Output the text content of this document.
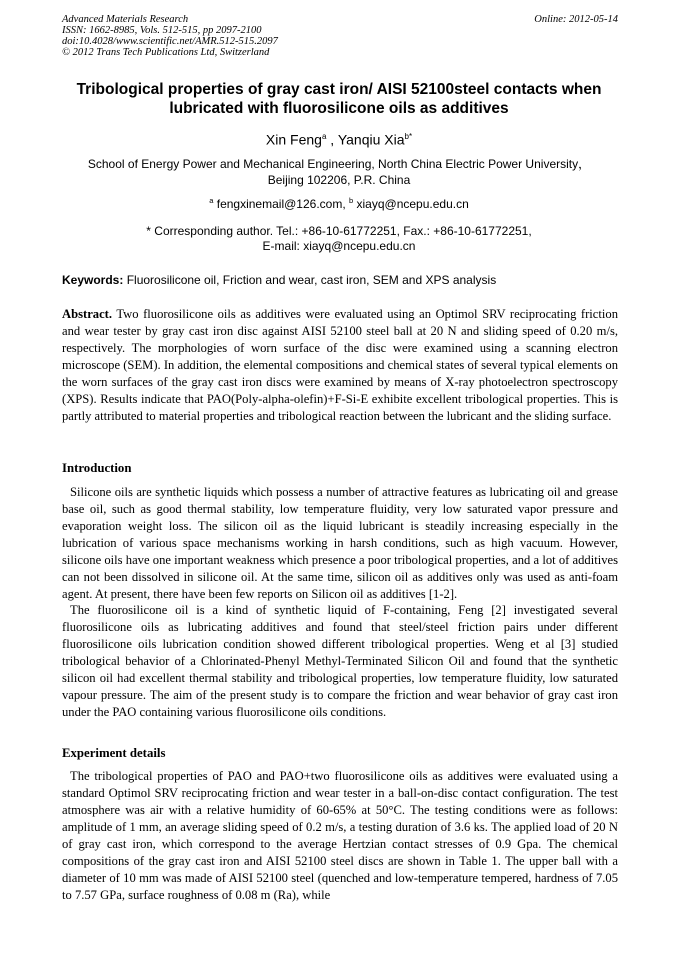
Advanced Materials Research
ISSN: 1662-8985, Vols. 512-515, pp 2097-2100
doi:10.4028/www.scientific.net/AMR.512-515.2097
© 2012 Trans Tech Publications Ltd, Switzerland
Online: 2012-05-14
Tribological properties of gray cast iron/ AISI 52100steel contacts when lubricated with fluorosilicone oils as additives
Xin Feng$^a$ , Yanqiu Xia$^{b*}$
School of Energy Power and Mechanical Engineering, North China Electric Power University，
Beijing 102206, P.R. China
$^a$ fengxinemail@126.com, $^b$ xiayq@ncepu.edu.cn
* Corresponding author. Tel.: +86-10-61772251, Fax.: +86-10-61772251,
E-mail: xiayq@ncepu.edu.cn
Keywords: Fluorosilicone oil, Friction and wear, cast iron, SEM and XPS analysis
Abstract. Two fluorosilicone oils as additives were evaluated using an Optimol SRV reciprocating friction and wear tester by gray cast iron disc against AISI 52100 steel ball at 20 N and sliding speed of 0.20 m/s, respectively. The morphologies of worn surface of the disc were examined using a scanning electron microscope (SEM). In addition, the elemental compositions and chemical states of several typical elements on the worn surfaces of the gray cast iron discs were examined by means of X-ray photoelectron spectroscopy (XPS). Results indicate that PAO(Poly-alpha-olefin)+F-Si-E exhibite excellent tribological properties. This is partly attributed to material properties and tribological reaction between the lubricant and the sliding surface.
Introduction

Silicone oils are synthetic liquids which possess a number of attractive features as lubricating oil and grease base oil, such as good thermal stability, low temperature fluidity, very low saturated vapor pressure and evaporation weight loss. The silicon oil as the liquid lubricant is steadily increasing especially in the lubrication of various space mechanisms working in harsh conditions, such as high vacuum. However, silicone oils have one important weakness which presence a poor tribological properties, and a lot of additives can not been dissolved in silicone oil. At the same time, silicon oil as additives only was used as anti-foam agent. At present, there have been few reports on Silicon oil as additives [1-2].

The fluorosilicone oil is a kind of synthetic liquid of F-containing, Feng [2] investigated several fluorosilicone oils as lubricating additives and found that steel/steel friction pairs under different fluorosilicone oils lubrication condition showed different tribological properties. Weng et al [3] studied tribological behavior of a Chlorinated-Phenyl Methyl-Terminated Silicon Oil and found that the synthetic silicon oil had excellent thermal stability and tribological properties, low temperature fluidity, low saturated vapour pressure. The aim of the present study is to compare the friction and wear behavior of gray cast iron under the PAO containing various fluorosilicone oils conditions.

Experiment details

The tribological properties of PAO and PAO+two fluorosilicone oils as additives were evaluated using a standard Optimol SRV reciprocating friction and wear tester in a ball-on-disc contact configuration. The test atmosphere was air with a relative humidity of 60-65% at 50°C. The testing conditions were as follows: amplitude of 1 mm, an average sliding speed of 0.2 m/s, a testing duration of 3.6 ks. The applied load of 20 N of gray cast iron, which correspond to the average Hertzian contact stresses of 0.9 Gpa. The chemical compositions of the gray cast iron and AISI 52100 steel discs are shown in Table 1. The upper ball with a diameter of 10 mm was made of AISI 52100 steel (quenched and low-temperature tempered, hardness of 7.05 to 7.57 GPa, surface roughness of 0.08 m (Ra), while
